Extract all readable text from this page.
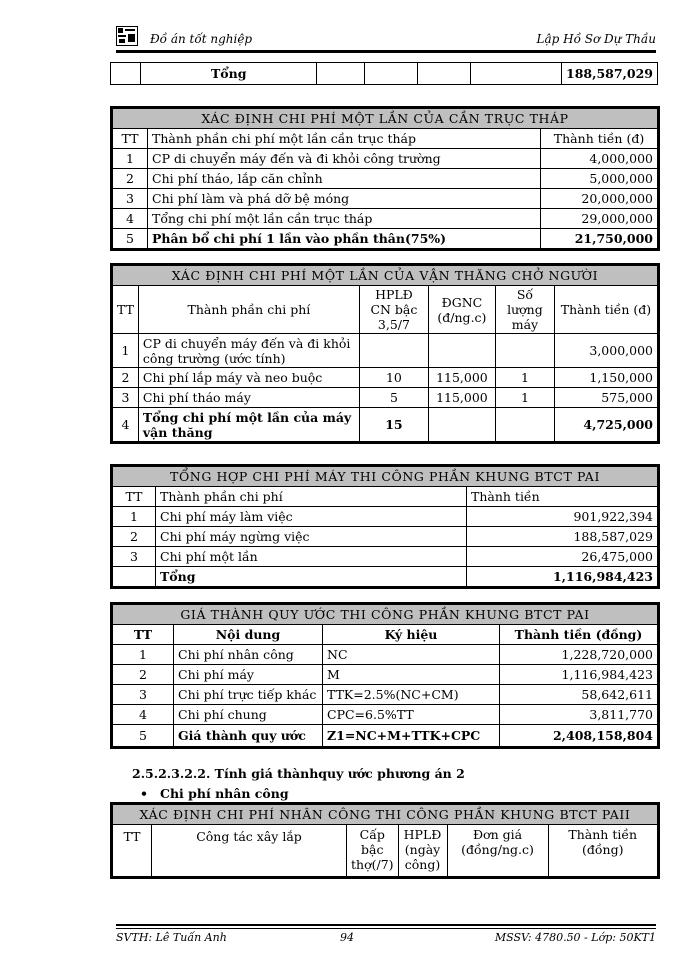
Đồ án tốt nghiệp	Lập Hồ Sơ Dự Thầu
	Tổng					188,587,029
XÁC ĐỊNH CHI PHÍ MỘT LẦN CỦA CẦN TRỤC THÁP		
TT	Thành phần chi phí một lần cần trục tháp	Thành tiền (đ)
1	CP di chuyển máy đến và đi khỏi công trường	4,000,000
2	Chi phí tháo, lắp căn chỉnh	5,000,000
3	Chi phí làm và phá dỡ bệ móng	20,000,000
4	Tổng chi phí một lần cần trục tháp	29,000,000
5	Phân bổ chi phí 1 lần vào phần thân(75%)	21,750,000
XÁC ĐỊNH CHI PHÍ MỘT LẦN CỦA VẬN THĂNG CHỞ NGƯỜI					
TT	Thành phần chi phí	HPLĐ CN bậc 3,5/7	ĐGNC (đ/ng.c)	Số lượng máy	Thành tiền (đ)
1	CP di chuyển máy đến và đi khỏi công trường (ước tính)				3,000,000
2	Chi phí lắp máy và neo buộc	10	115,000	1	1,150,000
3	Chi phí tháo máy	5	115,000	1	575,000
4	Tổng chi phí một lần của máy vận thăng	15			4,725,000
TỔNG HỢP CHI PHÍ MÁY THI CÔNG PHẦN KHUNG BTCT PAI		
TT	Thành phần chi phí	Thành tiền
1	Chi phí máy làm việc	901,922,394
2	Chi phí máy ngừng việc	188,587,029
3	Chi phí một lần	26,475,000
	Tổng	1,116,984,423
GIÁ THÀNH QUY ƯỚC THI CÔNG PHẦN KHUNG BTCT PAI			
TT	Nội dung	Ký hiệu	Thành tiền (đồng)
1	Chi phí nhân công	NC	1,228,720,000
2	Chi phí máy	M	1,116,984,423
3	Chi phí trực tiếp khác	TTK=2.5%(NC+CM)	58,642,611
4	Chi phí chung	CPC=6.5%TT	3,811,770
5	Giá thành quy ước	Z1=NC+M+TTK+CPC	2,408,158,804
2.5.2.3.2.2. Tính giá thànhquy ước phương án 2
• Chi phí nhân công
XÁC ĐỊNH CHI PHÍ NHÂN CÔNG THI CÔNG PHẦN KHUNG BTCT PAII
TT	Công tác xây lắp	Cấp bậc thợ(/7)	HPLĐ (ngày công)	Đơn giá (đồng/ng.c)	Thành tiền (đồng)
SVTH: Lê Tuấn Anh	94	MSSV: 4780.50 - Lớp: 50KT1
